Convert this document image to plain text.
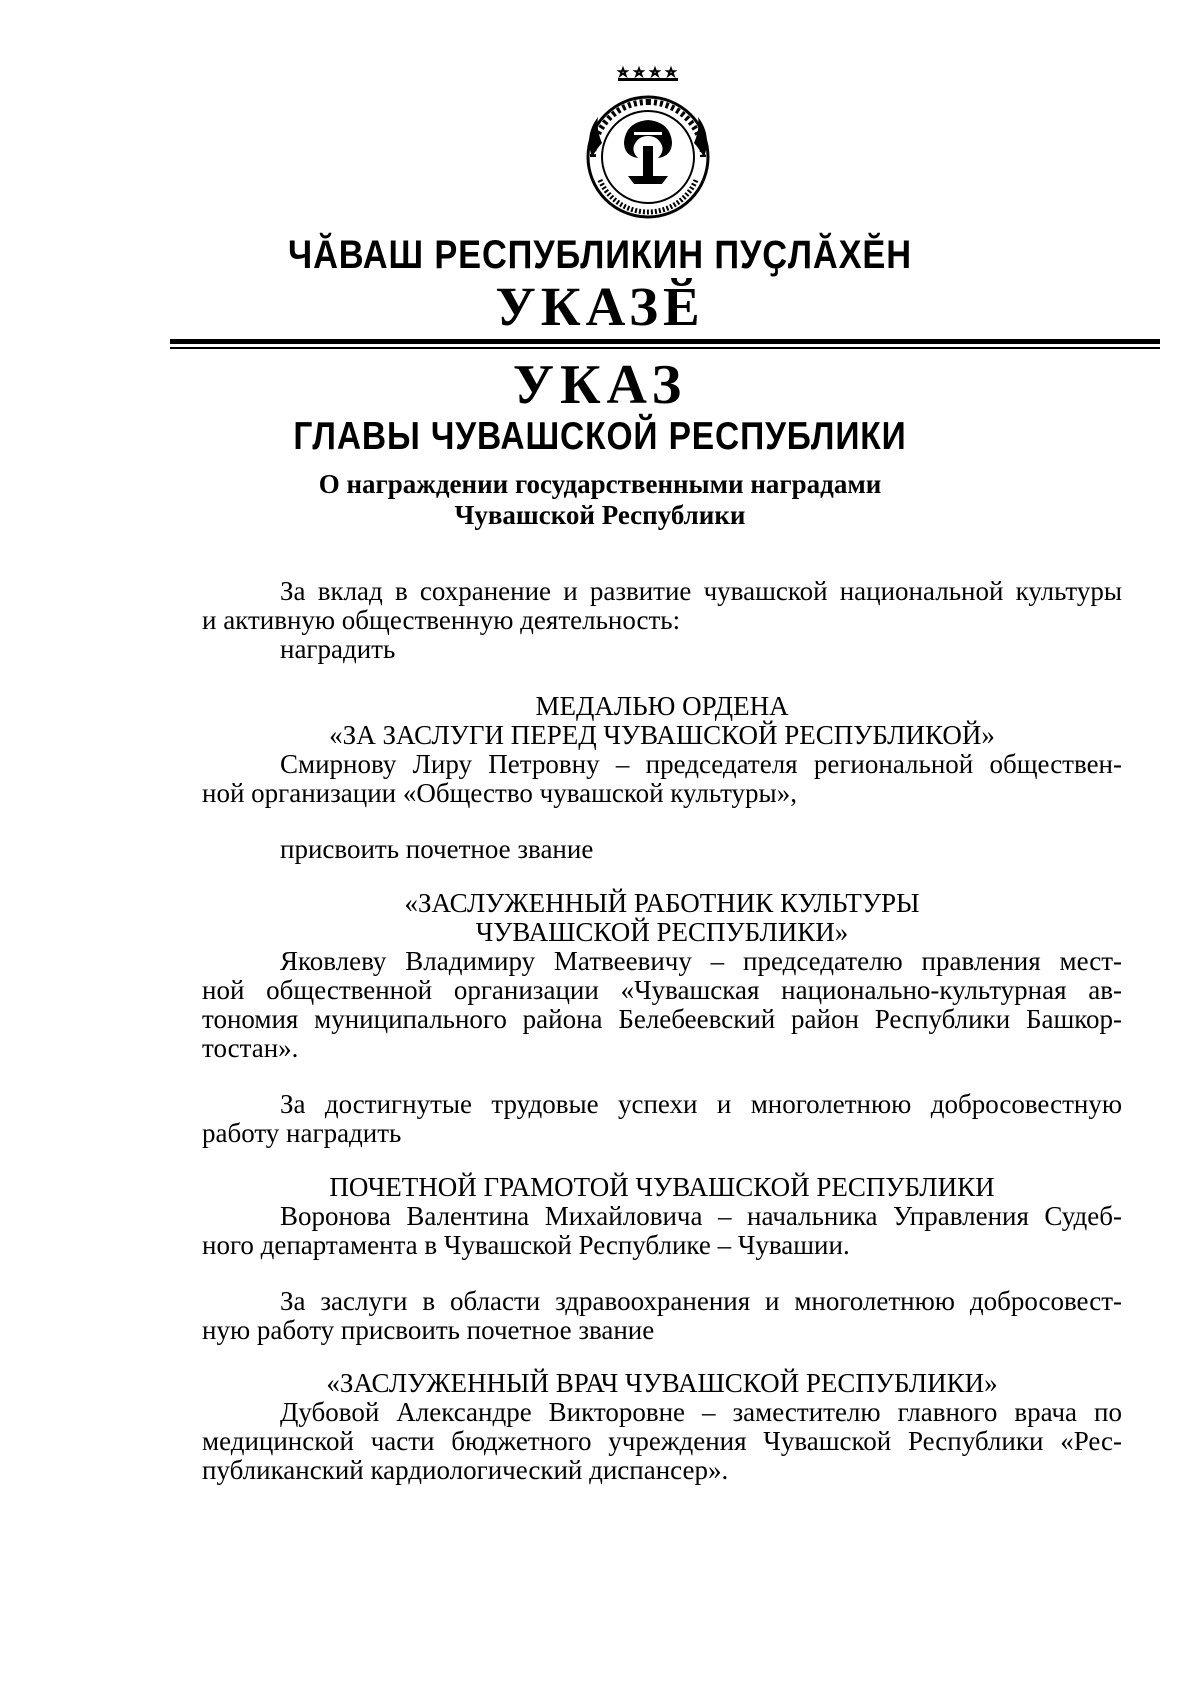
ЧӐВАШ РЕСПУБЛИКИН ПУҪЛӐХӖН
УКАЗӖ
УКАЗ
ГЛАВЫ ЧУВАШСКОЙ РЕСПУБЛИКИ
О награждении государственными наградами
Чувашской Республики
За вклад в сохранение и развитие чувашской национальной культуры
и активную общественную деятельность:
наградить
МЕДАЛЬЮ ОРДЕНА
«ЗА ЗАСЛУГИ ПЕРЕД ЧУВАШСКОЙ РЕСПУБЛИКОЙ»
Смирнову Лиру Петровну – председателя региональной обществен-
ной организации «Общество чувашской культуры»,
присвоить почетное звание
«ЗАСЛУЖЕННЫЙ РАБОТНИК КУЛЬТУРЫ
ЧУВАШСКОЙ РЕСПУБЛИКИ»
Яковлеву Владимиру Матвеевичу – председателю правления мест-
ной общественной организации «Чувашская национально-культурная ав-
тономия муниципального района Белебеевский район Республики Башкор-
тостан».
За достигнутые трудовые успехи и многолетнюю добросовестную
работу наградить
ПОЧЕТНОЙ ГРАМОТОЙ ЧУВАШСКОЙ РЕСПУБЛИКИ
Воронова Валентина Михайловича – начальника Управления Судеб-
ного департамента в Чувашской Республике – Чувашии.
За заслуги в области здравоохранения и многолетнюю добросовест-
ную работу присвоить почетное звание
«ЗАСЛУЖЕННЫЙ ВРАЧ ЧУВАШСКОЙ РЕСПУБЛИКИ»
Дубовой Александре Викторовне – заместителю главного врача по
медицинской части бюджетного учреждения Чувашской Республики «Рес-
публиканский кардиологический диспансер».
